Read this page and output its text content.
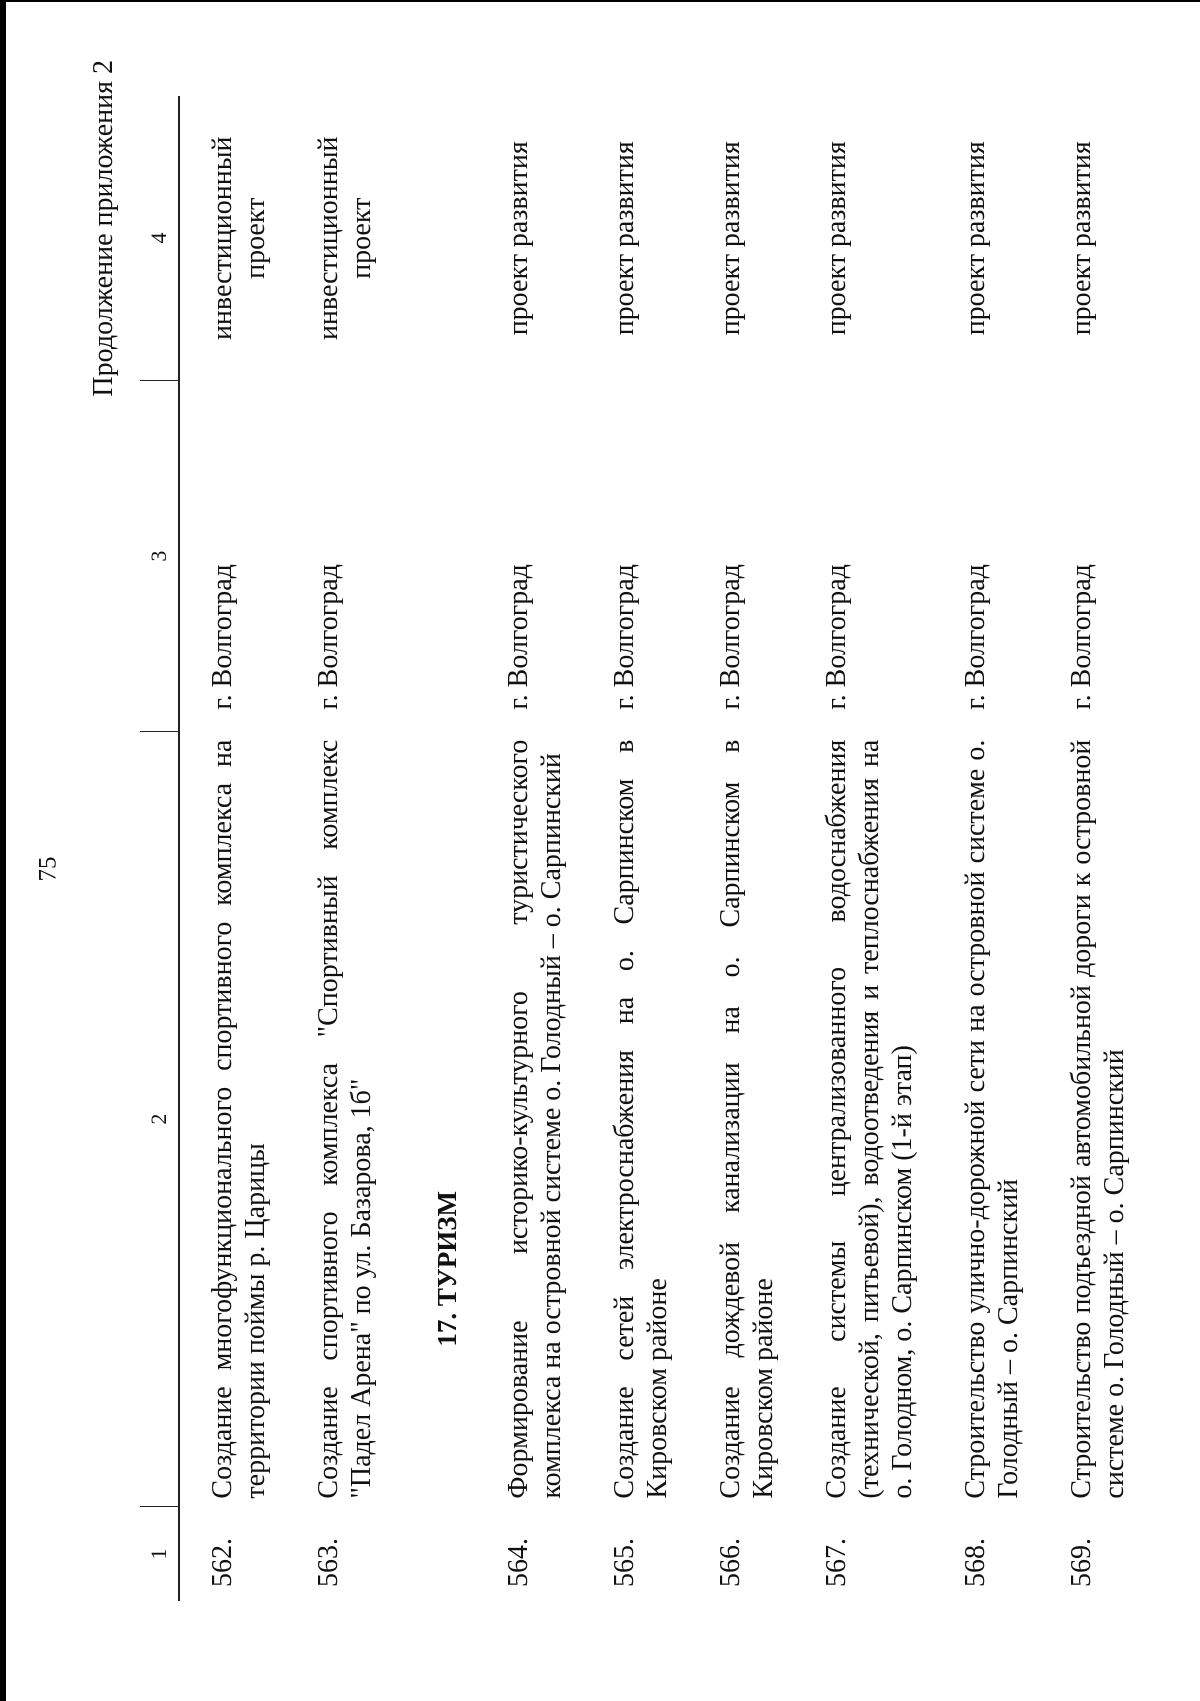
75
Продолжение приложения 2
1	2	3	4
562.	Создание многофункционального спортивного комплекса на территории поймы р. Царицы	г. Волгоград	инвестиционный проект
563.	Создание спортивного комплекса "Спортивный комплекс "Падел Арена" по ул. Базарова, 1б"	г. Волгоград	инвестиционный проект
	17. ТУРИЗМ		
564.	Формирование историко-культурного туристического комплекса на островной системе о. Голодный – о. Сарпинский	г. Волгоград	проект развития
565.	Создание сетей электроснабжения на о. Сарпинском в Кировском районе	г. Волгоград	проект развития
566.	Создание дождевой канализации на о. Сарпинском в Кировском районе	г. Волгоград	проект развития
567.	Создание системы централизованного водоснабжения (технической, питьевой), водоотведения и теплоснабжения на о. Голодном, о. Сарпинском (1-й этап)	г. Волгоград	проект развития
568.	Строительство улично-дорожной сети на островной системе о. Голодный – о. Сарпинский	г. Волгоград	проект развития
569.	Строительство подъездной автомобильной дороги к островной системе о. Голодный – о. Сарпинский	г. Волгоград	проект развития
